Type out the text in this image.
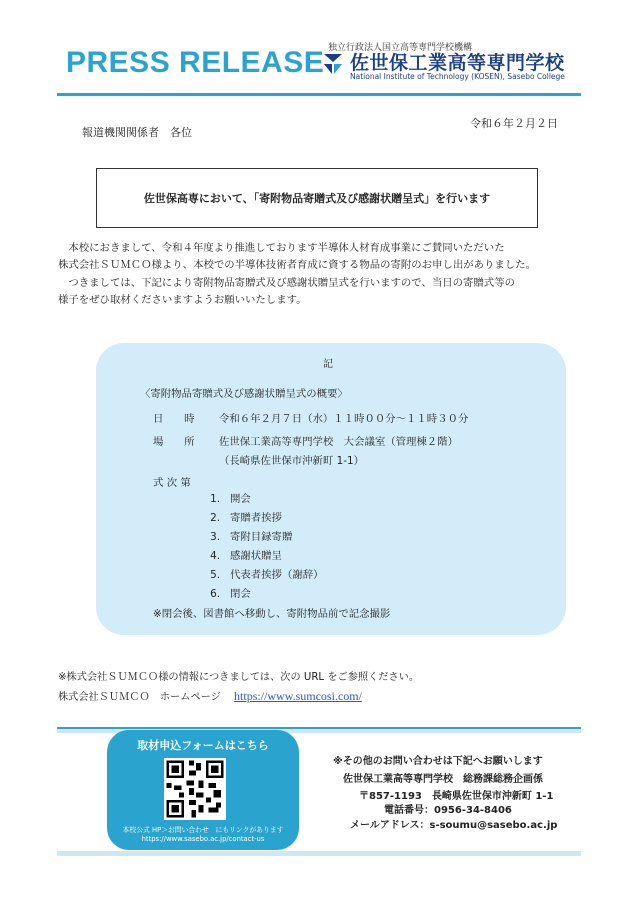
PRESS RELEASE 独立行政法人国立高等専門学校機構
佐世保工業高等専門学校
National Institute of Technology (KOSEN), Sasebo College
令和６年２月２日
報道機関関係者　各位
佐世保高専において、「寄附物品寄贈式及び感謝状贈呈式」を行います
　本校におきまして、令和４年度より推進しております半導体人材育成事業にご賛同いただいた
株式会社ＳＵＭＣＯ様より、本校での半導体技術者育成に資する物品の寄附のお申し出がありました。
　つきましては、下記により寄附物品寄贈式及び感謝状贈呈式を行いますので、当日の寄贈式等の
様子をぜひ取材くださいますようお願いいたします。
記
〈寄附物品寄贈式及び感謝状贈呈式の概要〉
日　　時 令和６年２月７日（水）１１時００分～１１時３０分
場　　所 佐世保工業高等専門学校　大会議室（管理棟２階）
（長崎県佐世保市沖新町 1-1）
式 次 第
1. 開会
2. 寄贈者挨拶
3. 寄附目録寄贈
4. 感謝状贈呈
5. 代表者挨拶（謝辞）
6. 閉会
※閉会後、図書館へ移動し、寄附物品前で記念撮影
※株式会社ＳＵＭＣＯ様の情報につきましては、次の URL をご参照ください。
株式会社ＳＵＭＣＯ　ホームページ https://www.sumcosi.com/
取材申込フォームはこちら
本校公式 HP＞お問い合わせ　にもリンクがあります
https://www.sasebo.ac.jp/contact-us
※その他のお問い合わせは下記へお願いします
佐世保工業高等専門学校　総務課総務企画係
〒857-1193　長崎県佐世保市沖新町 1-1
電話番号：0956-34-8406
メールアドレス：s-soumu@sasebo.ac.jp
